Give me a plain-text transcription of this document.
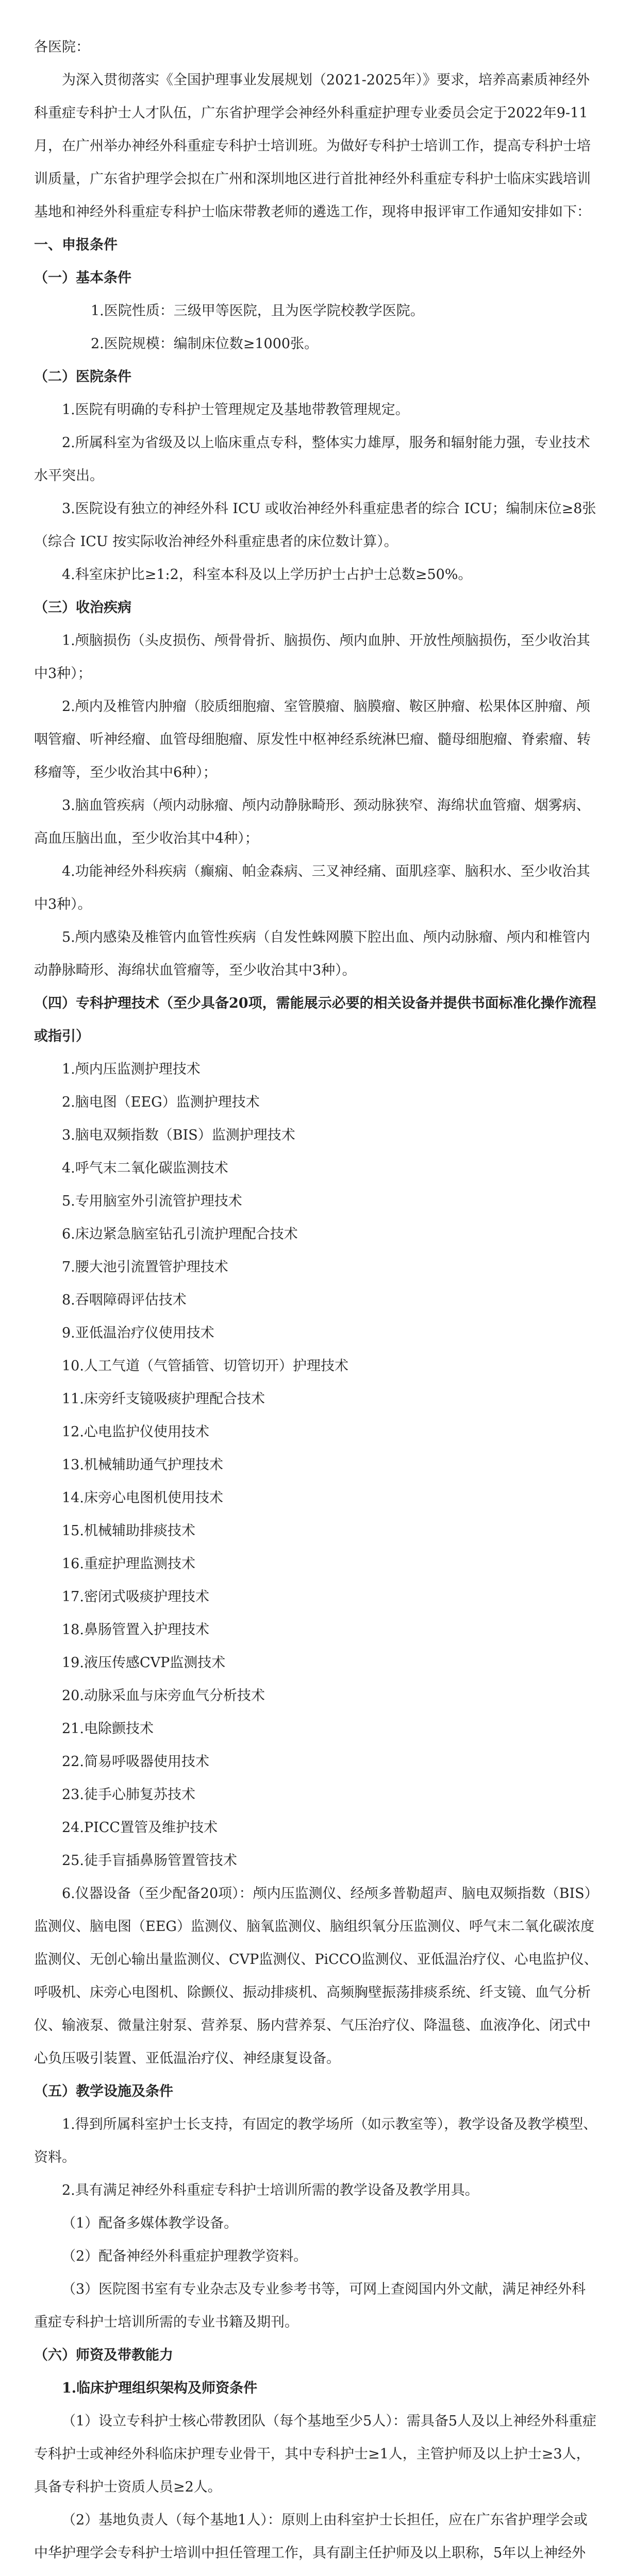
各医院：

为深入贯彻落实《全国护理事业发展规划（2021-2025年）》要求，培养高素质神经外科重症专科护士人才队伍，广东省护理学会神经外科重症护理专业委员会定于2022年9-11月，在广州举办神经外科重症专科护士培训班。为做好专科护士培训工作，提高专科护士培训质量，广东省护理学会拟在广州和深圳地区进行首批神经外科重症专科护士临床实践培训基地和神经外科重症专科护士临床带教老师的遴选工作，现将申报评审工作通知安排如下：

一、申报条件

（一）基本条件

1.医院性质：三级甲等医院，且为医学院校教学医院。

2.医院规模：编制床位数≥1000张。

（二）医院条件

1.医院有明确的专科护士管理规定及基地带教管理规定。

2.所属科室为省级及以上临床重点专科，整体实力雄厚，服务和辐射能力强，专业技术水平突出。

3.医院设有独立的神经外科 ICU 或收治神经外科重症患者的综合 ICU；编制床位≥8张（综合 ICU 按实际收治神经外科重症患者的床位数计算）。

4.科室床护比≥1:2，科室本科及以上学历护士占护士总数≥50%。

（三）收治疾病

1.颅脑损伤（头皮损伤、颅骨骨折、脑损伤、颅内血肿、开放性颅脑损伤，至少收治其中3种）；

2.颅内及椎管内肿瘤（胶质细胞瘤、室管膜瘤、脑膜瘤、鞍区肿瘤、松果体区肿瘤、颅咽管瘤、听神经瘤、血管母细胞瘤、原发性中枢神经系统淋巴瘤、髓母细胞瘤、脊索瘤、转移瘤等，至少收治其中6种）；

3.脑血管疾病（颅内动脉瘤、颅内动静脉畸形、颈动脉狭窄、海绵状血管瘤、烟雾病、高血压脑出血，至少收治其中4种）；

4.功能神经外科疾病（癫痫、帕金森病、三叉神经痛、面肌痉挛、脑积水、至少收治其中3种）。

5.颅内感染及椎管内血管性疾病（自发性蛛网膜下腔出血、颅内动脉瘤、颅内和椎管内动静脉畸形、海绵状血管瘤等，至少收治其中3种）。

（四）专科护理技术（至少具备20项，需能展示必要的相关设备并提供书面标准化操作流程或指引）

1.颅内压监测护理技术

2.脑电图（EEG）监测护理技术

3.脑电双频指数（BIS）监测护理技术

4.呼气末二氧化碳监测技术

5.专用脑室外引流管护理技术

6.床边紧急脑室钻孔引流护理配合技术

7.腰大池引流置管护理技术

8.吞咽障碍评估技术

9.亚低温治疗仪使用技术

10.人工气道（气管插管、切管切开）护理技术

11.床旁纤支镜吸痰护理配合技术

12.心电监护仪使用技术

13.机械辅助通气护理技术

14.床旁心电图机使用技术

15.机械辅助排痰技术

16.重症护理监测技术

17.密闭式吸痰护理技术

18.鼻肠管置入护理技术

19.液压传感CVP监测技术

20.动脉采血与床旁血气分析技术

21.电除颤技术

22.简易呼吸器使用技术

23.徒手心肺复苏技术

24.PICC置管及维护技术

25.徒手盲插鼻肠管置管技术

6.仪器设备（至少配备20项）：颅内压监测仪、经颅多普勒超声、脑电双频指数（BIS）监测仪、脑电图（EEG）监测仪、脑氧监测仪、脑组织氧分压监测仪、呼气末二氧化碳浓度监测仪、无创心输出量监测仪、CVP监测仪、PiCCO监测仪、亚低温治疗仪、心电监护仪、呼吸机、床旁心电图机、除颤仪、振动排痰机、高频胸壁振荡排痰系统、纤支镜、血气分析仪、输液泵、微量注射泵、营养泵、肠内营养泵、气压治疗仪、降温毯、血液净化、闭式中心负压吸引装置、亚低温治疗仪、神经康复设备。

（五）教学设施及条件

1.得到所属科室护士长支持，有固定的教学场所（如示教室等），教学设备及教学模型、资料。

2.具有满足神经外科重症专科护士培训所需的教学设备及教学用具。

（1）配备多媒体教学设备。

（2）配备神经外科重症护理教学资料。

（3）医院图书室有专业杂志及专业参考书等，可网上查阅国内外文献，满足神经外科重症专科护士培训所需的专业书籍及期刊。

（六）师资及带教能力

1.临床护理组织架构及师资条件

（1）设立专科护士核心带教团队（每个基地至少5人）：需具备5人及以上神经外科重症专科护士或神经外科临床护理专业骨干，其中专科护士≥1人，主管护师及以上护士≥3人，具备专科护士资质人员≥2人。

（2）基地负责人（每个基地1人）：原则上由科室护士长担任，应在广东省护理学会或中华护理学会专科护士培训中担任管理工作，具有副主任护师及以上职称，5年以上神经外
